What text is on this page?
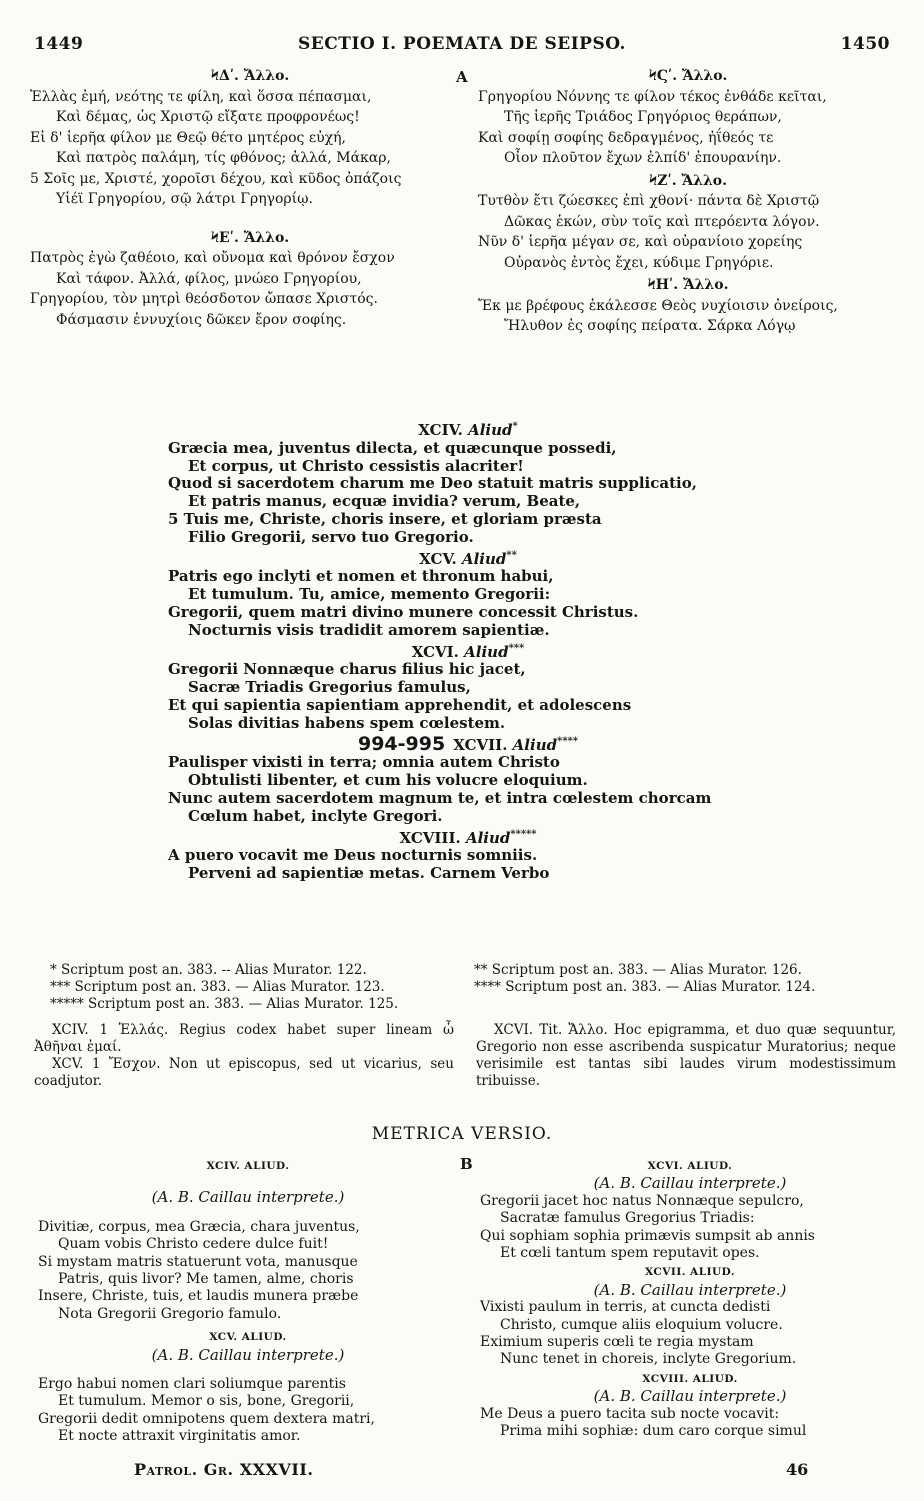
1449	SECTIO I. POEMATA DE SEIPSO.	1450
A
ϞΔʹ. Ἄλλο.
Ἑλλὰς ἐμή, νεότης τε φίλη, καὶ ὅσσα πέπασμαι,
Καὶ δέμας, ὡς Χριστῷ εἴξατε προφρονέως!
Εἰ δ' ἱερῆα φίλον με Θεῷ θέτο μητέρος εὐχή,
Καὶ πατρὸς παλάμη, τίς φθόνος; ἀλλά, Μάκαρ,
5 Σοῖς με, Χριστέ, χοροῖσι δέχου, καὶ κῦδος ὀπάζοις
Υἱέϊ Γρηγορίου, σῷ λάτρι Γρηγορίῳ.
ϞΕʹ. Ἄλλο.
Πατρὸς ἐγὼ ζαθέοιο, καὶ οὔνομα καὶ θρόνον ἔσχον
Καὶ τάφον. Ἀλλά, φίλος, μνώεο Γρηγορίου,
Γρηγορίου, τὸν μητρὶ θεόσδοτον ὤπασε Χριστός.
Φάσμασιν ἐννυχίοις δῶκεν ἔρον σοφίης.
ϞϚʹ. Ἄλλο.
Γρηγορίου Νόννης τε φίλον τέκος ἐνθάδε κεῖται,
Τῆς ἱερῆς Τριάδος Γρηγόριος θεράπων,
Καὶ σοφίῃ σοφίης δεδραγμένος, ἠΐθεός τε
Οἶον πλοῦτον ἔχων ἐλπίδ' ἐπουρανίην.
ϞΖʹ. Ἄλλο.
Τυτθὸν ἔτι ζώεσκες ἐπὶ χθονί· πάντα δὲ Χριστῷ
Δῶκας ἑκών, σὺν τοῖς καὶ πτερόεντα λόγον.
Νῦν δ' ἱερῆα μέγαν σε, καὶ οὐρανίοιο χορείης
Οὐρανὸς ἐντὸς ἔχει, κύδιμε Γρηγόριε.
ϞΗʹ. Ἄλλο.
Ἔκ με βρέφους ἐκάλεσσε Θεὸς νυχίοισιν ὀνείροις,
Ἤλυθον ἐς σοφίης πείρατα. Σάρκα Λόγῳ
XCIV. Aliud*
Græcia mea, juventus dilecta, et quæcunque possedi,
Et corpus, ut Christo cessistis alacriter!
Quod si sacerdotem charum me Deo statuit matris supplicatio,
Et patris manus, ecquæ invidia? verum, Beate,
5 Tuis me, Christe, choris insere, et gloriam præsta
Filio Gregorii, servo tuo Gregorio.
XCV. Aliud**
Patris ego inclyti et nomen et thronum habui,
Et tumulum. Tu, amice, memento Gregorii:
Gregorii, quem matri divino munere concessit Christus.
Nocturnis visis tradidit amorem sapientiæ.
XCVI. Aliud***
Gregorii Nonnæque charus filius hic jacet,
Sacræ Triadis Gregorius famulus,
Et qui sapientia sapientiam apprehendit, et adolescens
Solas divitias habens spem cœlestem.
994-995 XCVII. Aliud****
Paulisper vixisti in terra; omnia autem Christo
Obtulisti libenter, et cum his volucre eloquium.
Nunc autem sacerdotem magnum te, et intra cœlestem chorcam
Cœlum habet, inclyte Gregori.
XCVIII. Aliud*****
A puero vocavit me Deus nocturnis somniis.
Perveni ad sapientiæ metas. Carnem Verbo
* Scriptum post an. 383. -- Alias Murator. 122.
*** Scriptum post an. 383. — Alias Murator. 123.
***** Scriptum post an. 383. — Alias Murator. 125.
** Scriptum post an. 383. — Alias Murator. 126.
**** Scriptum post an. 383. — Alias Murator. 124.

XCIV. 1 Ἑλλάς. Regius codex habet super lineam ὦ Ἀθῆναι ἐμαί.

XCV. 1 Ἔσχον. Non ut episcopus, sed ut vicarius, seu coadjutor.

XCVI. Tit. Ἄλλο. Hoc epigramma, et duo quæ sequuntur, Gregorio non esse ascribenda suspicatur Muratorius; neque verisimile est tantas sibi laudes virum modestissimum tribuisse.

METRICA VERSIO.
B
XCIV. ALIUD.
(A. B. Caillau interprete.)
Divitiæ, corpus, mea Græcia, chara juventus,
Quam vobis Christo cedere dulce fuit!
Si mystam matris statuerunt vota, manusque
Patris, quis livor? Me tamen, alme, choris
Insere, Christe, tuis, et laudis munera præbe
Nota Gregorii Gregorio famulo.
XCV. ALIUD.
(A. B. Caillau interprete.)
Ergo habui nomen clari soliumque parentis
Et tumulum. Memor o sis, bone, Gregorii,
Gregorii dedit omnipotens quem dextera matri,
Et nocte attraxit virginitatis amor.
XCVI. ALIUD.
(A. B. Caillau interprete.)
Gregorii jacet hoc natus Nonnæque sepulcro,
Sacratæ famulus Gregorius Triadis:
Qui sophiam sophia primævis sumpsit ab annis
Et cœli tantum spem reputavit opes.
XCVII. ALIUD.
(A. B. Caillau interprete.)
Vixisti paulum in terris, at cuncta dedisti
Christo, cumque aliis eloquium volucre.
Eximium superis cœli te regia mystam
Nunc tenet in choreis, inclyte Gregorium.
XCVIII. ALIUD.
(A. B. Caillau interprete.)
Me Deus a puero tacita sub nocte vocavit:
Prima mihi sophiæ: dum caro corque simul
Patrol. Gr. XXXVII.	46
